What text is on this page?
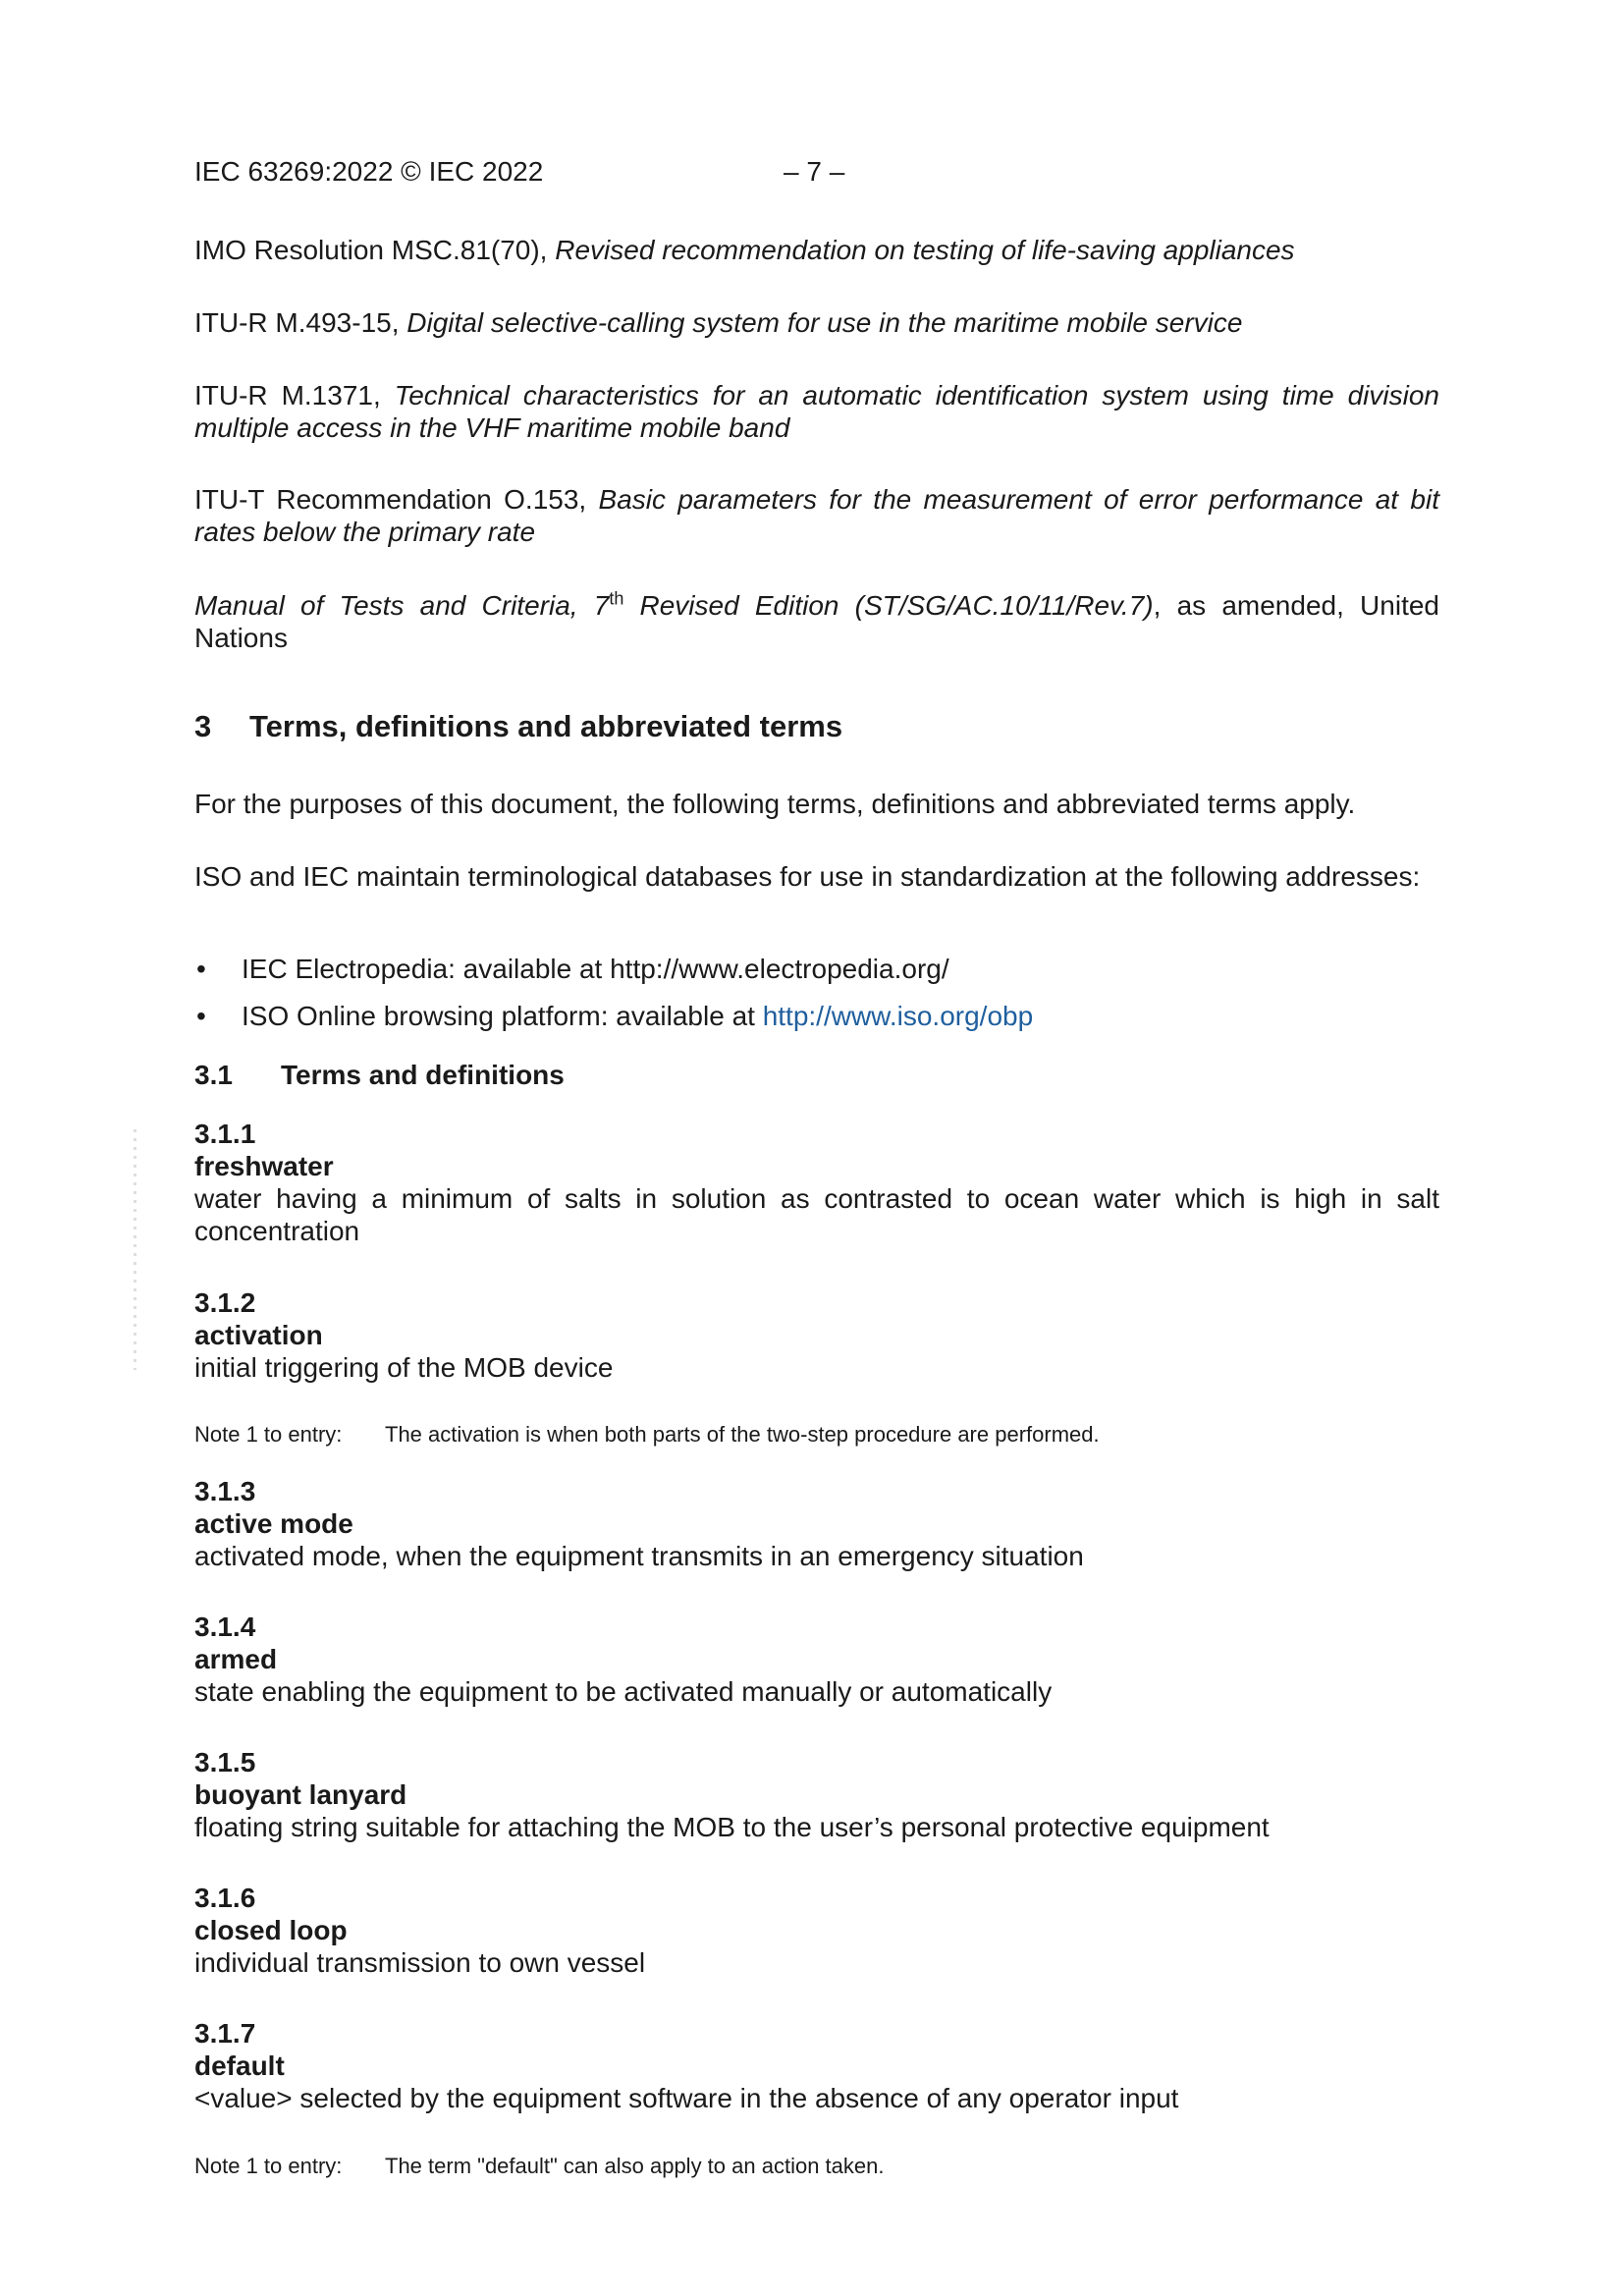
IEC 63269:2022 © IEC 2022	– 7 –
IMO Resolution MSC.81(70), Revised recommendation on testing of life-saving appliances
ITU-R M.493-15, Digital selective-calling system for use in the maritime mobile service
ITU-R M.1371, Technical characteristics for an automatic identification system using time division multiple access in the VHF maritime mobile band
ITU-T Recommendation O.153, Basic parameters for the measurement of error performance at bit rates below the primary rate
Manual of Tests and Criteria, 7th Revised Edition (ST/SG/AC.10/11/Rev.7), as amended, United Nations
3 Terms, definitions and abbreviated terms
For the purposes of this document, the following terms, definitions and abbreviated terms apply.
ISO and IEC maintain terminological databases for use in standardization at the following addresses:
• IEC Electropedia: available at http://www.electropedia.org/
• ISO Online browsing platform: available at http://www.iso.org/obp
3.1 Terms and definitions
3.1.1
freshwater
water having a minimum of salts in solution as contrasted to ocean water which is high in salt concentration
3.1.2
activation
initial triggering of the MOB device
Note 1 to entry: The activation is when both parts of the two-step procedure are performed.
3.1.3
active mode
activated mode, when the equipment transmits in an emergency situation
3.1.4
armed
state enabling the equipment to be activated manually or automatically
3.1.5
buoyant lanyard
floating string suitable for attaching the MOB to the user’s personal protective equipment
3.1.6
closed loop
individual transmission to own vessel
3.1.7
default
<value> selected by the equipment software in the absence of any operator input
Note 1 to entry: The term "default" can also apply to an action taken.
